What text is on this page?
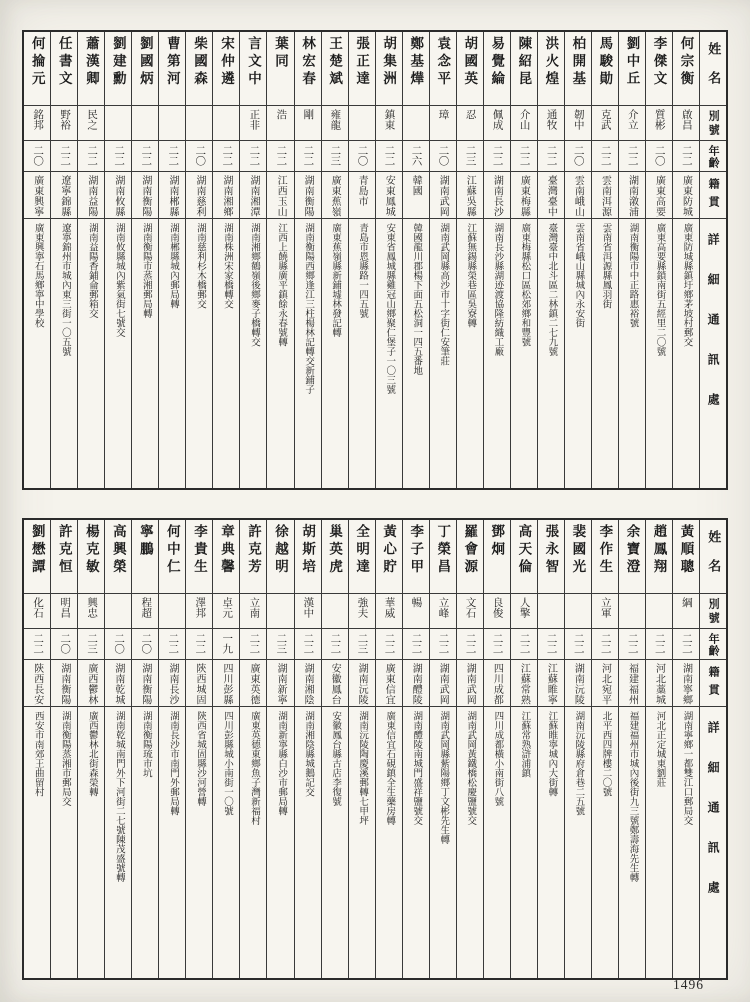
姓名
別號
年齡
籍貫
詳細通訊處
何宗衡
啟昌
二二
廣東防城
廣東防城縣鎮圩鄉茅坡村郵交
李傑文
質彬
二〇
廣東高要
廣東高要縣鎖南街五經里二〇號
劉中丘
介立
二二
湖南漵浦
湖南衡陽市中正路惠裕號
馬駿勛
克武
二二
雲南洱源
雲南省洱源縣鳳羽街
柏開基
韌中
二〇
雲南峨山
雲南省峨山縣城內永安街
洪火煌
通牧
二二
臺灣臺中
臺灣臺中北斗區二林鎮二七九號
陳紹昆
介山
二二
廣東梅縣
廣東梅縣松口區松郊鄉和豐號
易覺綸
佩成
二二
湖南長沙
湖南長沙縣湖迹渡協隆紡織工廠
胡國英
忍
二三
江蘇吳縣
江蘇無錫縣榮巷區吳寮轉
袁念平
璋
二〇
湖南武岡
湖南武岡縣高沙市十字街仁安筆莊
鄭基燁
二六
韓國
韓國龍川郡楊下面五松洞一四五番地
胡集洲
鎮東
二二
安東鳳城
安東省鳳城縣雞冠山鄉聚仁堡子一〇三號
張正達
二〇
青島市
青島市恩縣路一四五號
王楚斌
雍龍
二三
廣東蕉嶺
廣東蕉嶺縣新鋪墟林發記轉
林宏春
剛
二二
湖南衡陽
湖南衡陽西鄉逢江三柱楊林記轉交新鋪子
葉同
浩
二二
江西玉山
江西上饒縣廣平鎮餘永春號轉
言文中
正非
二二
湖南湘潭
湖南湘鄉鶴嶺後鄉麥子橋轉交
宋仲遴
二二
湖南湘鄉
湖南株洲宋家橋轉交
柴國森
二〇
湖南慈利
湖南慈利杉木橋郵交
曹第河
二二
湖南郴縣
湖南郴縣城內郵局轉
劉國炳
二二
湖南衡陽
湖南衡陽市蒸湘郵局轉
劉建勳
二二
湖南攸縣
湖南攸縣城內紫氣街七號交
蕭漢卿
民之
二二
湖南益陽
湖南益陽香鋪侖郵箱交
任書文
野裕
二二
遼寧錦縣
遼寧錦州市城內東三街一〇五號
何掄元
銘邦
二〇
廣東興寧
廣東興寧石馬鄉寧中學校
姓名
別號
年齡
籍貫
詳細通訊處
黃順聰
綱
二二
湖南寧鄉
湖南寧鄉一都雙江口郵局交
趙鳳翔
二二
河北藁城
河北正定城東劉莊
余寶澄
二二
福建福州
福建福州市城內後街九三號鄭壽海先生轉
李作生
立軍
二二
河北宛平
北平西四牌樓二〇號
裴國光
二二
湖南沅陵
湖南沅陵縣府倉巷二五號
張永智
二二
江蘇睢寧
江蘇睢寧城內大街轉
高天倫
人擎
二二
江蘇常熟
江蘇常熟滸浦鎮
鄧炯
良俊
二二
四川成都
四川成都橫小南街八號
羅會源
文石
二二
湖南武岡
湖南武岡黃鐵橋松慶鹽號交
丁榮昌
立峰
二二
湖南武岡
湖南武岡縣紫陽鄉丁文彬先生轉
李子甲
暢
二二
湖南醴陵
湖南醴陵南城門盛祥鹽號交
黃心貯
華威
二二
廣東信宜
廣東信宜石硯鎮全生藥房轉
全明達
強夫
二三
湖南沅陵
湖南沅陵陶慶溪郵轉七甲坪
巢英虎
二二
安徽鳳台
安徽鳳台縣古店李復號
胡斯培
漢中
二二
湖南湘陰
湖南湘陰縣城鵝記交
徐越明
二三
湖南新寧
湖南新寧縣白沙市郵局轉
許克芳
立南
二二
廣東英德
廣東英德東鄉魚子灣新福村
章典馨
卓元
一九
四川彭縣
四川彭縣城小南街一〇號
李貴生
澤邦
二二
陝西城固
陝西省城固縣沙河營轉
何中仁
二二
湖南長沙
湖南長沙市南門外郵局轉
寧鵬
程超
二〇
湖南衡陽
湖南衡陽琉市坑
高興榮
二〇
湖南乾城
湖南乾城南門外下河街二七號陳茂盛號轉
楊克敏
興忠
二三
廣西鬱林
廣西鬱林北街森榮轉
許克恒
明昌
二〇
湖南衡陽
湖南衡陽蒸湘市郵局交
劉懋譚
化石
二二
陝西長安
西安市南郊王曲留村
1496
